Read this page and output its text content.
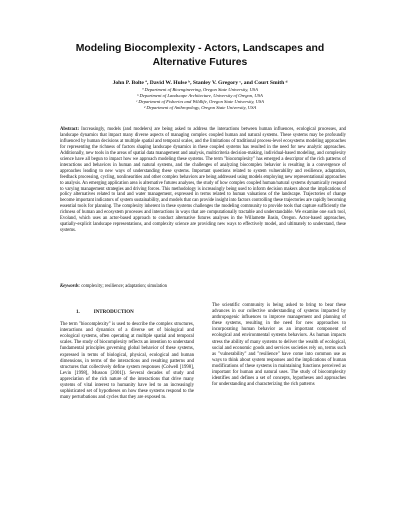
Modeling Biocomplexity - Actors, Landscapes and
Alternative Futures
John P. Bolte ª, David W. Hulse ᵇ, Stanley V. Gregory ᶜ, and Court Smith ᵈ
ª Department of Bioengineering, Oregon State University, USA
ᵇ Department of Landscape Architecture, University of Oregon, USA
ᶜ Department of Fisheries and Wildlife, Oregon State University, USA
ᵈ Department of Anthropology, Oregon State University, USA
Abstract: Increasingly, models (and modelers) are being asked to address the interactions between human influences, ecological processes, and landscape dynamics that impact many diverse aspects of managing complex coupled human and natural systems. These systems may be profoundly influenced by human decisions at multiple spatial and temporal scales, and the limitations of traditional process-level ecosystems modeling approaches for representing the richness of factors shaping landscape dynamics in these coupled systems has resulted in the need for new analytic approaches. Additionally, new tools in the areas of spatial data management and analysis, multicriteria decision-making, individual-based modeling, and complexity science have all begun to impact how we approach modeling these systems. The term "biocomplexity" has emerged a descriptor of the rich patterns of interactions and behaviors in human and natural systems, and the challenges of analyzing biocomplex behavior is resulting in a convergence of approaches leading to new ways of understanding these systems. Important questions related to system vulnerability and resilience, adaptation, feedback processing, cycling, nonlinearities and other complex behaviors are being addressed using models employing new representational approaches to analysis. An emerging application area is alternative futures analyses, the study of how complex coupled human/natural systems dynamically respond to varying management strategies and driving forces. This methodology is increasingly being used to inform decision makers about the implications of policy alternatives related to land and water management, expressed in terms related to human valuations of the landscape. Trajectories of change become important indicators of system sustainability, and models that can provide insight into factors controlling these trajectories are rapidly becoming essential tools for planning. The complexity inherent in these systems challenges the modeling community to provide tools that capture sufficiently the richness of human and ecosystem processes and interactions in ways that are computationally tractable and understandable. We examine one such tool, Evoland, which uses an actor-based approach to conduct alternative futures analyses in the Willamette Basin, Oregon. Actor-based approaches, spatially-explicit landscape representations, and complexity science are providing new ways to effectively model, and ultimately to understand, these systems.
Keywords: complexity; resilience; adaptation; simulation
1.	INTRODUCTION
The term "biocomplexity" is used to describe the complex structures, interactions and dynamics of a diverse set of biological and ecological systems, often operating at multiple spatial and temporal scales. The study of biocomplexity reflects an intention to understand fundamental principles governing global behavior of these systems, expressed in terms of biological, physical, ecological and human dimensions, in terms of the interactions and resulting patterns and structures that collectively define system responses (Colwell [1998], Levin [1998], Musson [2001]). Several decades of study and appreciation of the rich nature of the interactions that drive many systems of vital interest to humanity have led to an increasingly sophisticated set of hypotheses on how these systems respond to the many perturbations and cycles that they are exposed to.
The scientific community is being asked to bring to bear these advances in our collective understanding of systems impacted by anthropogenic influences to improve management and planning of these systems, resulting in the need for new approaches to incorporating human behavior as an important component of ecological and environmental systems behaviors. As human impacts stress the ability of many systems to deliver the wealth of ecological, social and economic goods and services societies rely on, terms such as "vulnerability" and "resilience" have come into common use as ways to think about system responses and the implications of human modifications of these systems in maintaining functions perceived as important for human and natural uses. The study of biocomplexity identifies and defines a set of concepts, hypotheses and approaches for understanding and characterizing the rich patterns
